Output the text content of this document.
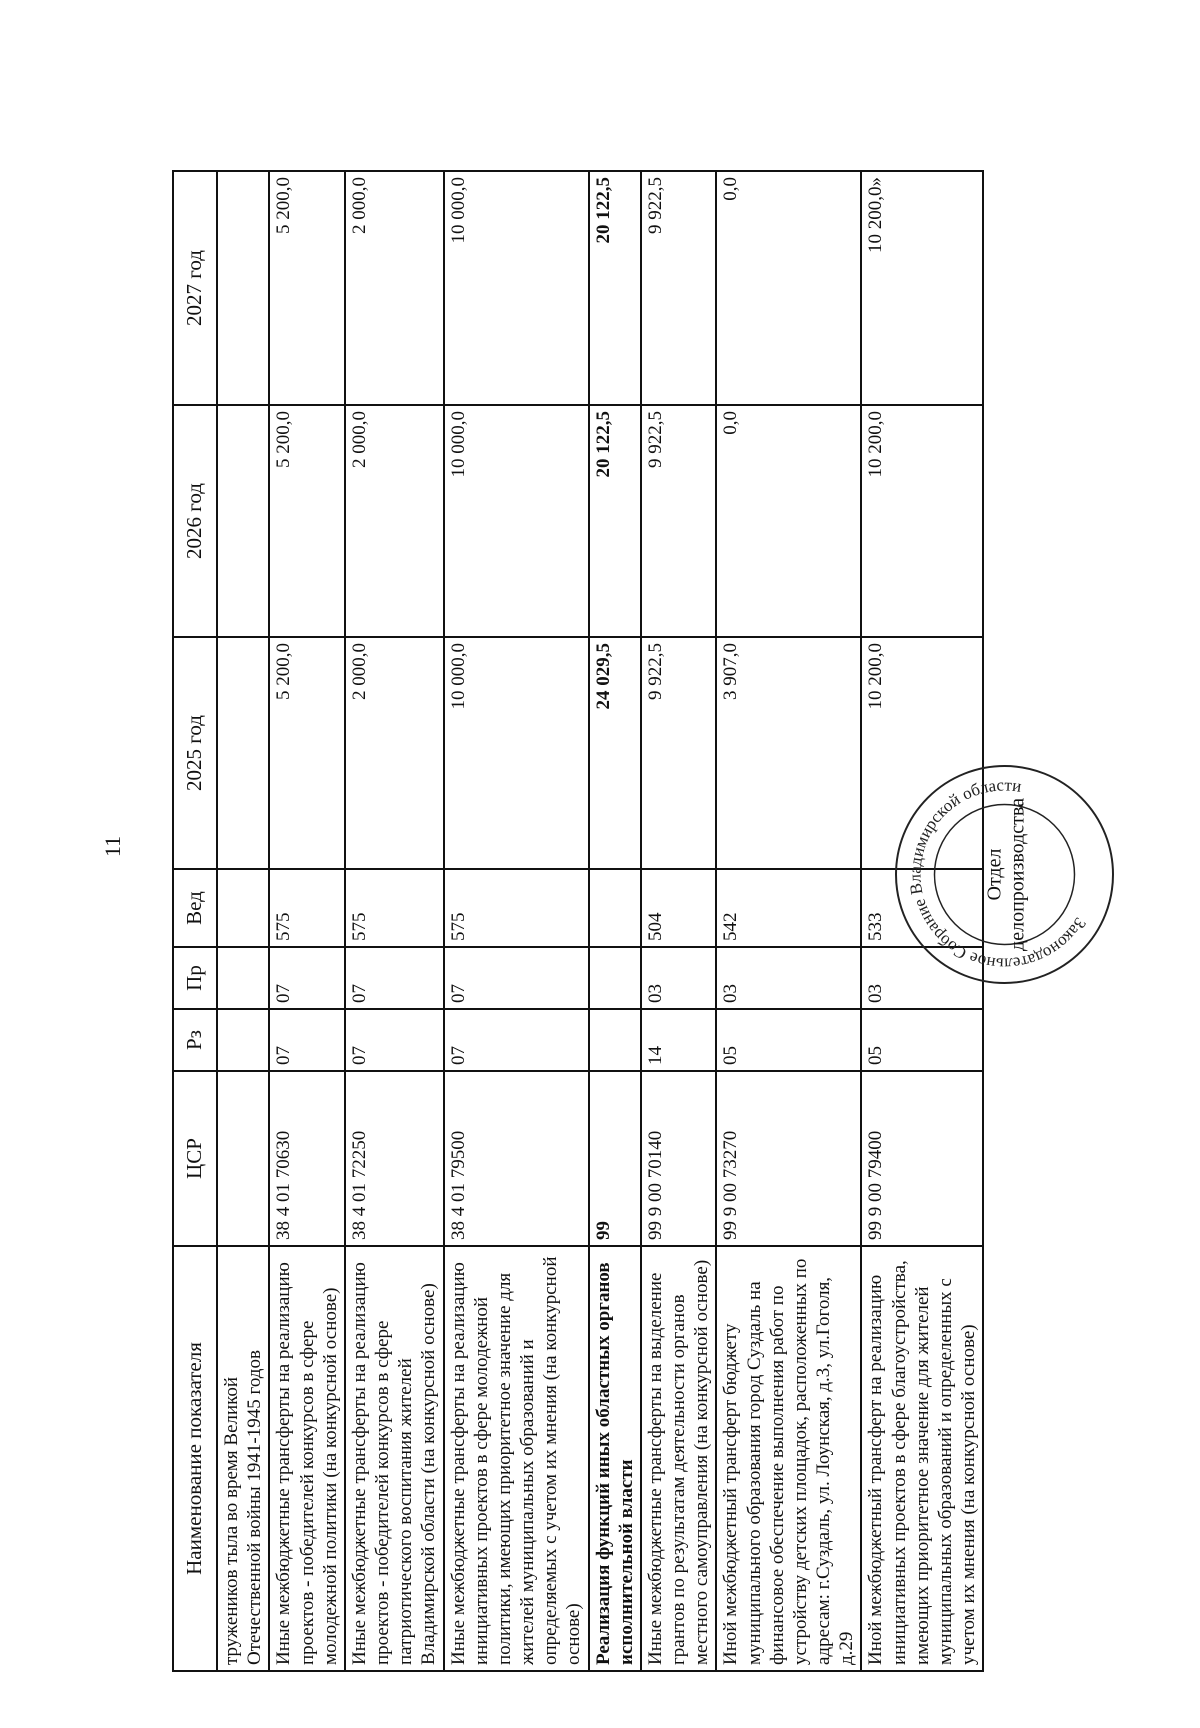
11
Наименование показателя	ЦСР	Рз	Пр	Вед	2025 год	2026 год	2027 год
тружеников тыла во время Великой Отечественной войны 1941-1945 годов							
Иные межбюджетные трансферты на реализацию проектов - победителей конкурсов в сфере молодежной политики (на конкурсной основе)	38 4 01 70630	07	07	575	5 200,0	5 200,0	5 200,0
Иные межбюджетные трансферты на реализацию проектов - победителей конкурсов в сфере патриотического воспитания жителей Владимирской области (на конкурсной основе)	38 4 01 72250	07	07	575	2 000,0	2 000,0	2 000,0
Иные межбюджетные трансферты на реализацию инициативных проектов в сфере молодежной политики, имеющих приоритетное значение для жителей муниципальных образований и определяемых с учетом их мнения (на конкурсной основе)	38 4 01 79500	07	07	575	10 000,0	10 000,0	10 000,0
Реализация функций иных областных органов исполнительной власти	99				24 029,5	20 122,5	20 122,5
Иные межбюджетные трансферты на выделение грантов по результатам деятельности органов местного самоуправления (на конкурсной основе)	99 9 00 70140	14	03	504	9 922,5	9 922,5	9 922,5
Иной межбюджетный трансферт бюджету муниципального образования город Суздаль на финансовое обеспечение выполнения работ по устройству детских площадок, расположенных по адресам: г.Суздаль, ул. Лоунская, д.3, ул.Гоголя, д.29	99 9 00 73270	05	03	542	3 907,0	0,0	0,0
Иной межбюджетный трансферт на реализацию инициативных проектов в сфере благоустройства, имеющих приоритетное значение для жителей муниципальных образований и определенных с учетом их мнения (на конкурсной основе)	99 9 00 79400	05	03	533	10 200,0	10 200,0	10 200,0»
Законодательное Собрание Владимирской области
Отдел делопроизводства
